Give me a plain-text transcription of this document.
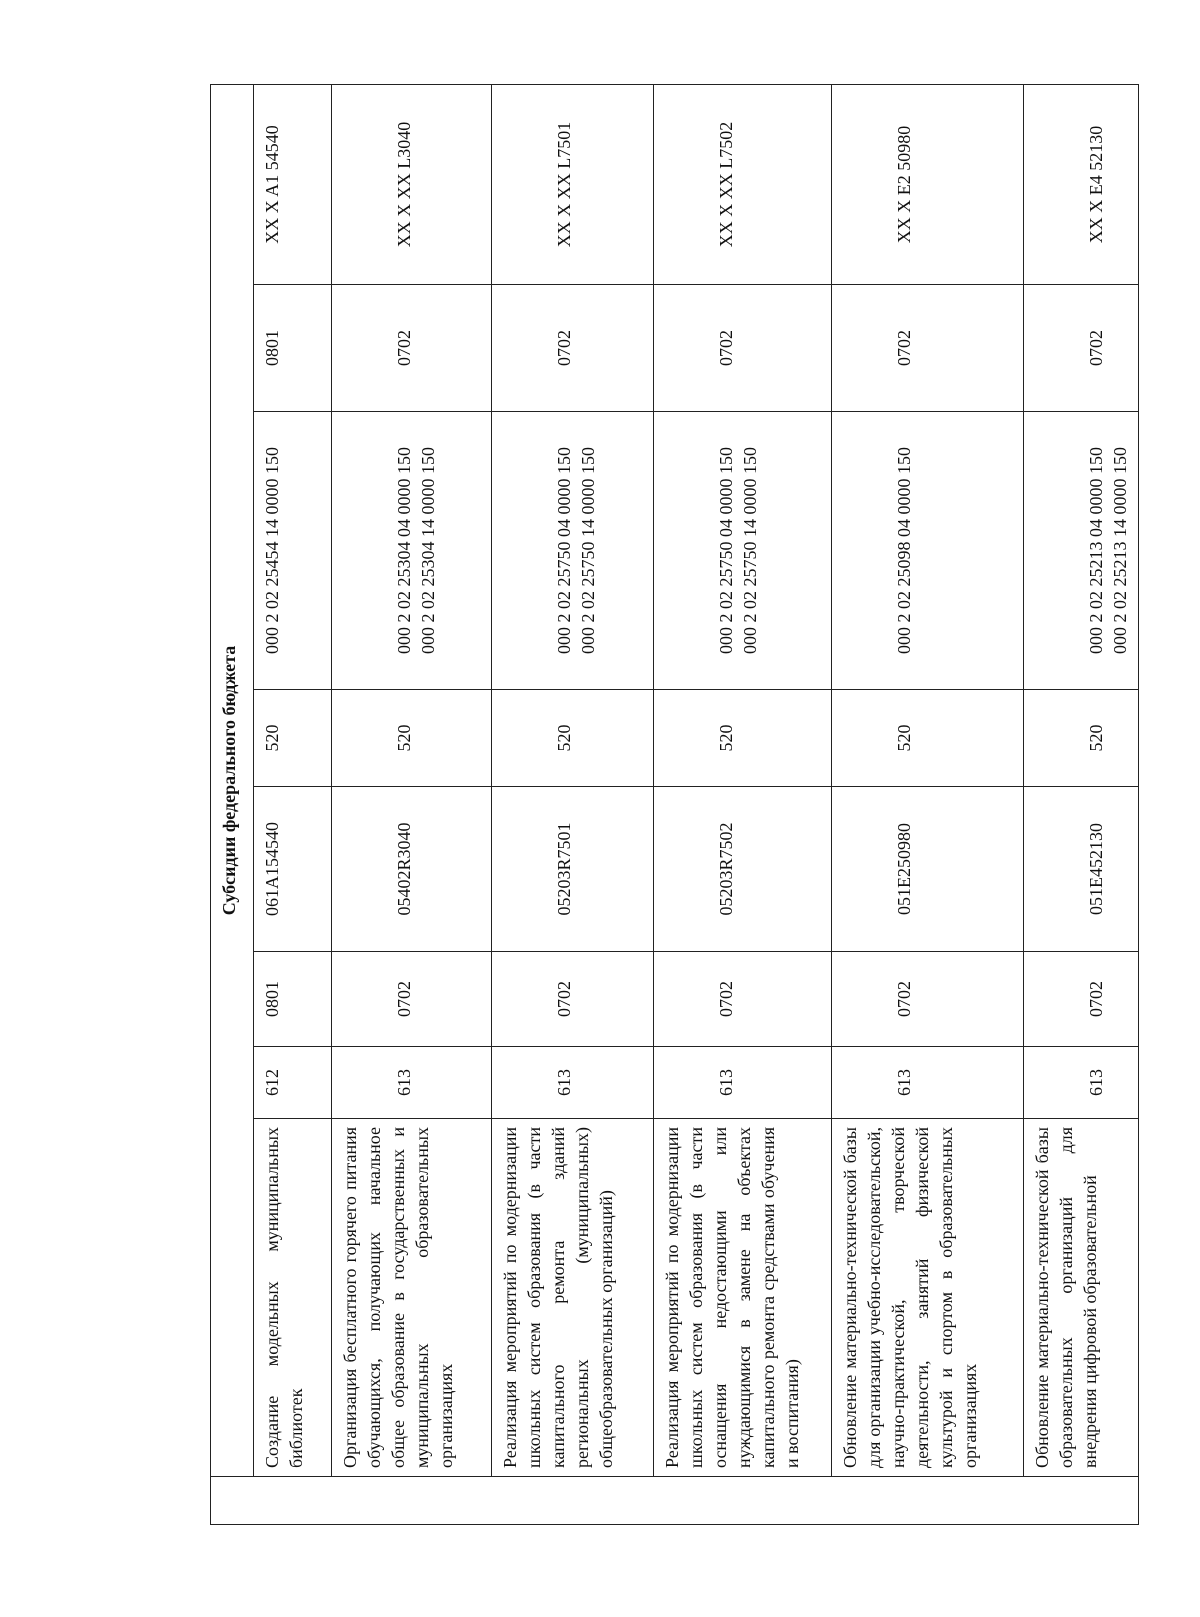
	Субсидии федерального бюджета							
	Создание модельных муниципальных библиотек	612	0801	061A154540	520	000 2 02 25454 14 0000 150	0801	XX X A1 54540
	Организация бесплатного горячего питания обучающихся, получающих начальное общее образование в государственных и муниципальных образовательных организациях	613	0702	05402R3040	520	000 2 02 25304 04 0000 150 000 2 02 25304 14 0000 150	0702	XX X XX L3040
	Реализация мероприятий по модернизации школьных систем образования (в части капитального ремонта зданий региональных (муниципальных) общеобразовательных организаций)	613	0702	05203R7501	520	000 2 02 25750 04 0000 150 000 2 02 25750 14 0000 150	0702	XX X XX L7501
	Реализация мероприятий по модернизации школьных систем образования (в части оснащения недостающими или нуждающимися в замене на объектах капитального ремонта средствами обучения и воспитания)	613	0702	05203R7502	520	000 2 02 25750 04 0000 150 000 2 02 25750 14 0000 150	0702	XX X XX L7502
	Обновление материально-технической базы для организации учебно-исследовательской, научно-практической, творческой деятельности, занятий физической культурой и спортом в образовательных организациях	613	0702	051E250980	520	000 2 02 25098 04 0000 150	0702	XX X E2 50980
	Обновление материально-технической базы образовательных организаций для внедрения цифровой образовательной	613	0702	051E452130	520	000 2 02 25213 04 0000 150 000 2 02 25213 14 0000 150	0702	XX X E4 52130
